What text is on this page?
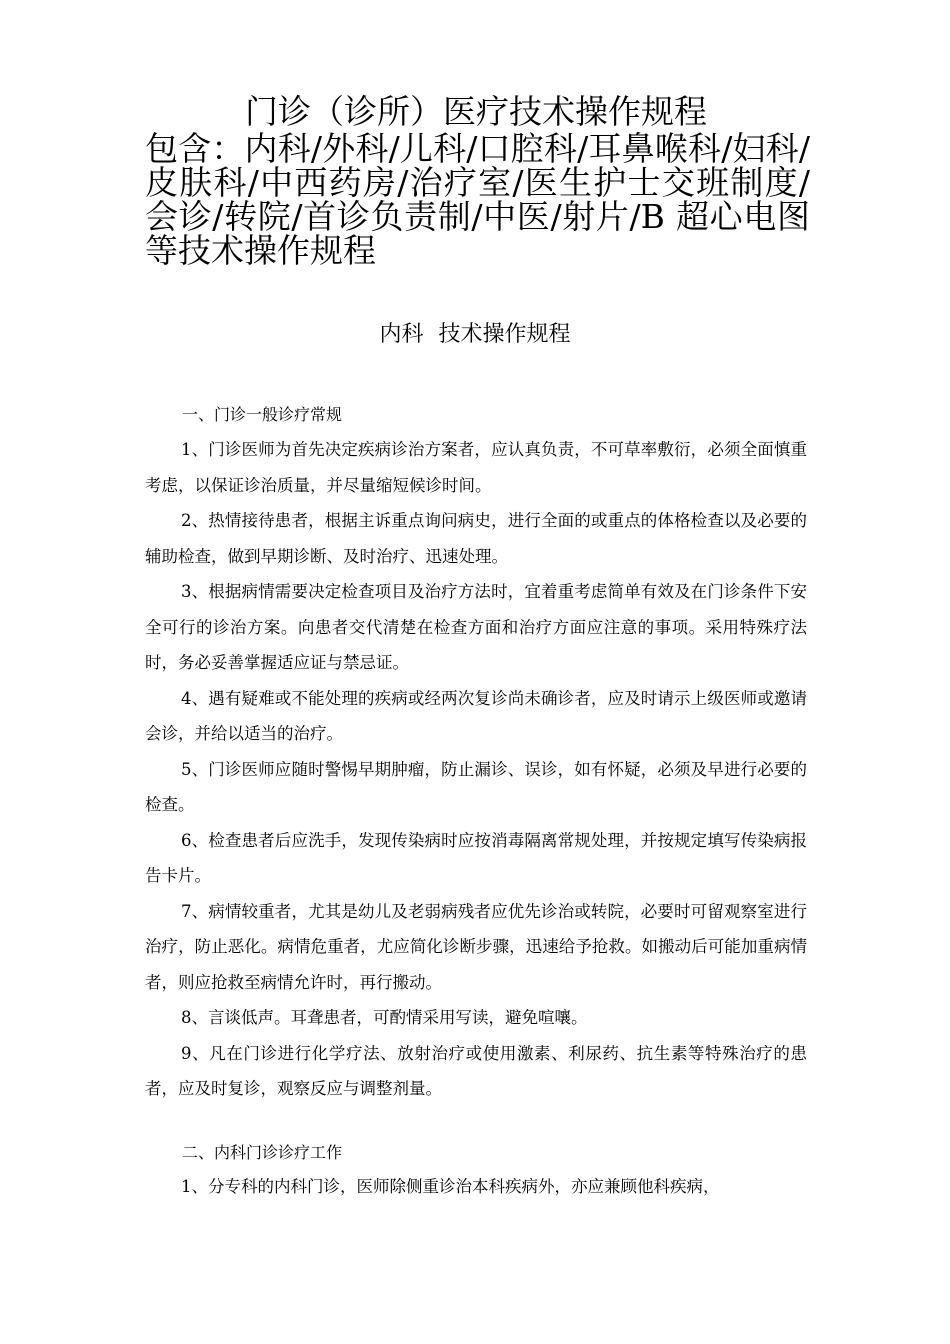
门诊（诊所）医疗技术操作规程

包含：内科/外科/儿科/口腔科/耳鼻喉科/妇科/皮肤科/中西药房/治疗室/医生护士交班制度/会诊/转院/首诊负责制/中医/射片/B 超心电图等技术操作规程

内科 技术操作规程

一、门诊一般诊疗常规

1、门诊医师为首先决定疾病诊治方案者，应认真负责，不可草率敷衍，必须全面慎重考虑，以保证诊治质量，并尽量缩短候诊时间。

2、热情接待患者，根据主诉重点询问病史，进行全面的或重点的体格检查以及必要的辅助检查，做到早期诊断、及时治疗、迅速处理。

3、根据病情需要决定检查项目及治疗方法时，宜着重考虑简单有效及在门诊条件下安全可行的诊治方案。向患者交代清楚在检查方面和治疗方面应注意的事项。采用特殊疗法时，务必妥善掌握适应证与禁忌证。

4、遇有疑难或不能处理的疾病或经两次复诊尚未确诊者，应及时请示上级医师或邀请会诊，并给以适当的治疗。

5、门诊医师应随时警惕早期肿瘤，防止漏诊、误诊，如有怀疑，必须及早进行必要的检查。

6、检查患者后应洗手，发现传染病时应按消毒隔离常规处理，并按规定填写传染病报告卡片。

7、病情较重者，尤其是幼儿及老弱病残者应优先诊治或转院，必要时可留观察室进行治疗，防止恶化。病情危重者，尤应简化诊断步骤，迅速给予抢救。如搬动后可能加重病情者，则应抢救至病情允许时，再行搬动。

8、言谈低声。耳聋患者，可酌情采用写读，避免喧嚷。

9、凡在门诊进行化学疗法、放射治疗或使用激素、利尿药、抗生素等特殊治疗的患者，应及时复诊，观察反应与调整剂量。

二、内科门诊诊疗工作

1、分专科的内科门诊，医师除侧重诊治本科疾病外，亦应兼顾他科疾病，
